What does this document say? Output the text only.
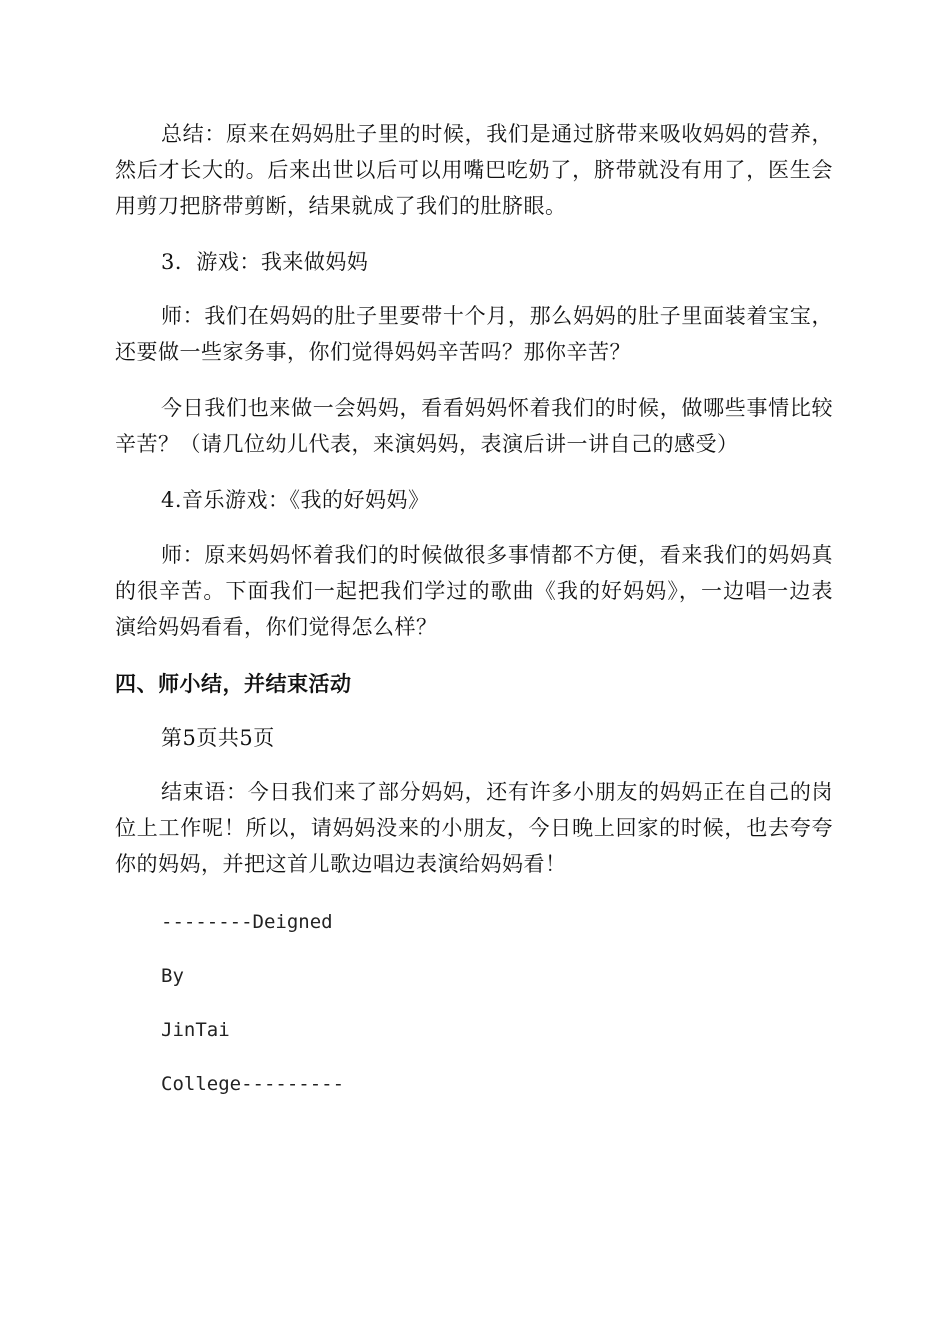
总结：原来在妈妈肚子里的时候，我们是通过脐带来吸收妈妈的营养，然后才长大的。后来出世以后可以用嘴巴吃奶了，脐带就没有用了，医生会用剪刀把脐带剪断，结果就成了我们的肚脐眼。

3．游戏：我来做妈妈

师：我们在妈妈的肚子里要带十个月，那么妈妈的肚子里面装着宝宝，还要做一些家务事，你们觉得妈妈辛苦吗？那你辛苦？

今日我们也来做一会妈妈，看看妈妈怀着我们的时候，做哪些事情比较辛苦？（请几位幼儿代表，来演妈妈，表演后讲一讲自己的感受）

4.音乐游戏：《我的好妈妈》

师：原来妈妈怀着我们的时候做很多事情都不方便，看来我们的妈妈真的很辛苦。下面我们一起把我们学过的歌曲《我的好妈妈》，一边唱一边表演给妈妈看看，你们觉得怎么样？

四、师小结，并结束活动

第5页共5页

结束语：今日我们来了部分妈妈，还有许多小朋友的妈妈正在自己的岗位上工作呢！所以，请妈妈没来的小朋友，今日晚上回家的时候，也去夸夸你的妈妈，并把这首儿歌边唱边表演给妈妈看！

--------Deigned

By

JinTai

College---------
